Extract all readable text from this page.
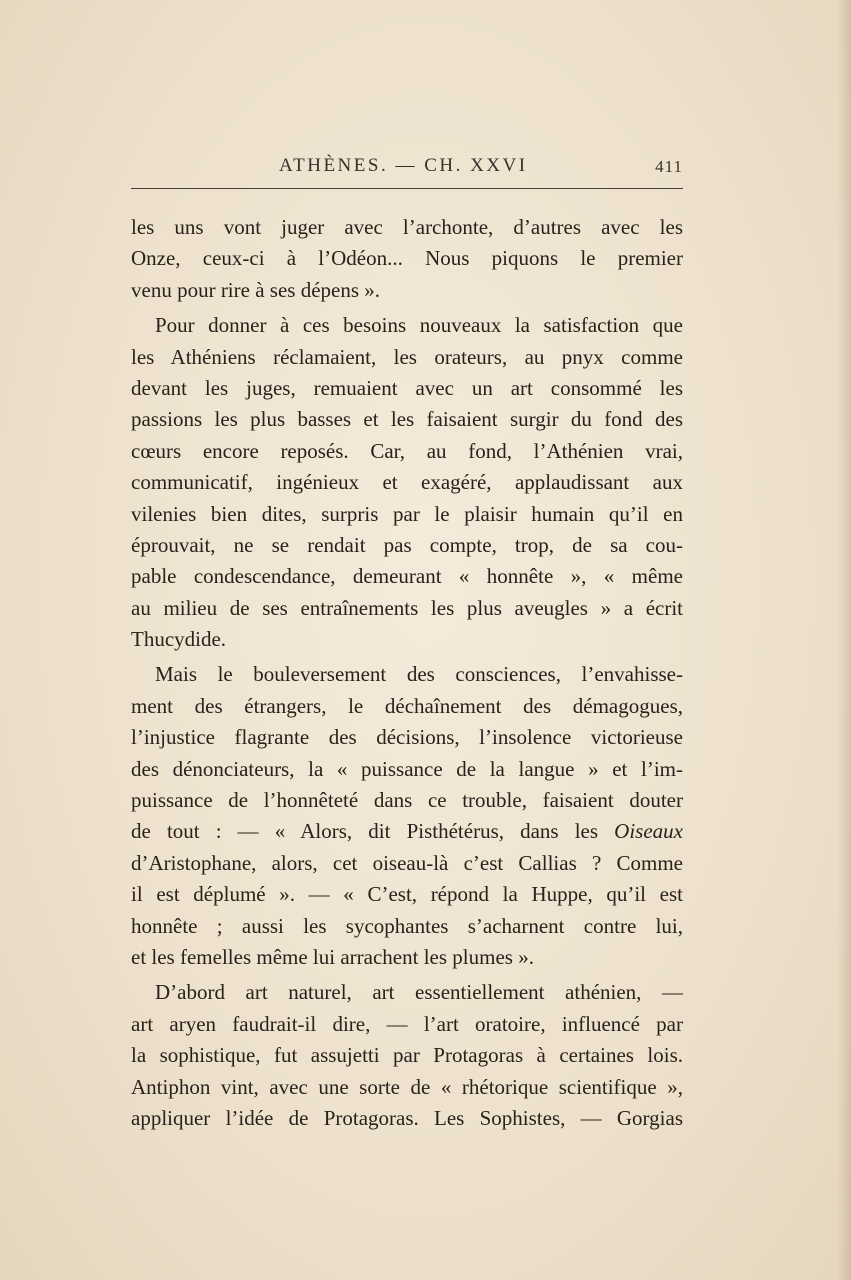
ATHÈNES. — CH. XXVI	411
les uns vont juger avec l’archonte, d’autres avec les
Onze, ceux-ci à l’Odéon... Nous piquons le premier
venu pour rire à ses dépens ».
Pour donner à ces besoins nouveaux la satisfaction que
les Athéniens réclamaient, les orateurs, au pnyx comme
devant les juges, remuaient avec un art consommé les
passions les plus basses et les faisaient surgir du fond des
cœurs encore reposés. Car, au fond, l’Athénien vrai,
communicatif, ingénieux et exagéré, applaudissant aux
vilenies bien dites, surpris par le plaisir humain qu’il en
éprouvait, ne se rendait pas compte, trop, de sa cou-
pable condescendance, demeurant « honnête », « même
au milieu de ses entraînements les plus aveugles » a écrit
Thucydide.
Mais le bouleversement des consciences, l’envahisse-
ment des étrangers, le déchaînement des démagogues,
l’injustice flagrante des décisions, l’insolence victorieuse
des dénonciateurs, la « puissance de la langue » et l’im-
puissance de l’honnêteté dans ce trouble, faisaient douter
de tout : — « Alors, dit Pisthétérus, dans les Oiseaux
d’Aristophane, alors, cet oiseau-là c’est Callias ? Comme
il est déplumé ». — « C’est, répond la Huppe, qu’il est
honnête ; aussi les sycophantes s’acharnent contre lui,
et les femelles même lui arrachent les plumes ».
D’abord art naturel, art essentiellement athénien, —
art aryen faudrait-il dire, — l’art oratoire, influencé par
la sophistique, fut assujetti par Protagoras à certaines lois.
Antiphon vint, avec une sorte de « rhétorique scientifique »,
appliquer l’idée de Protagoras. Les Sophistes, — Gorgias
